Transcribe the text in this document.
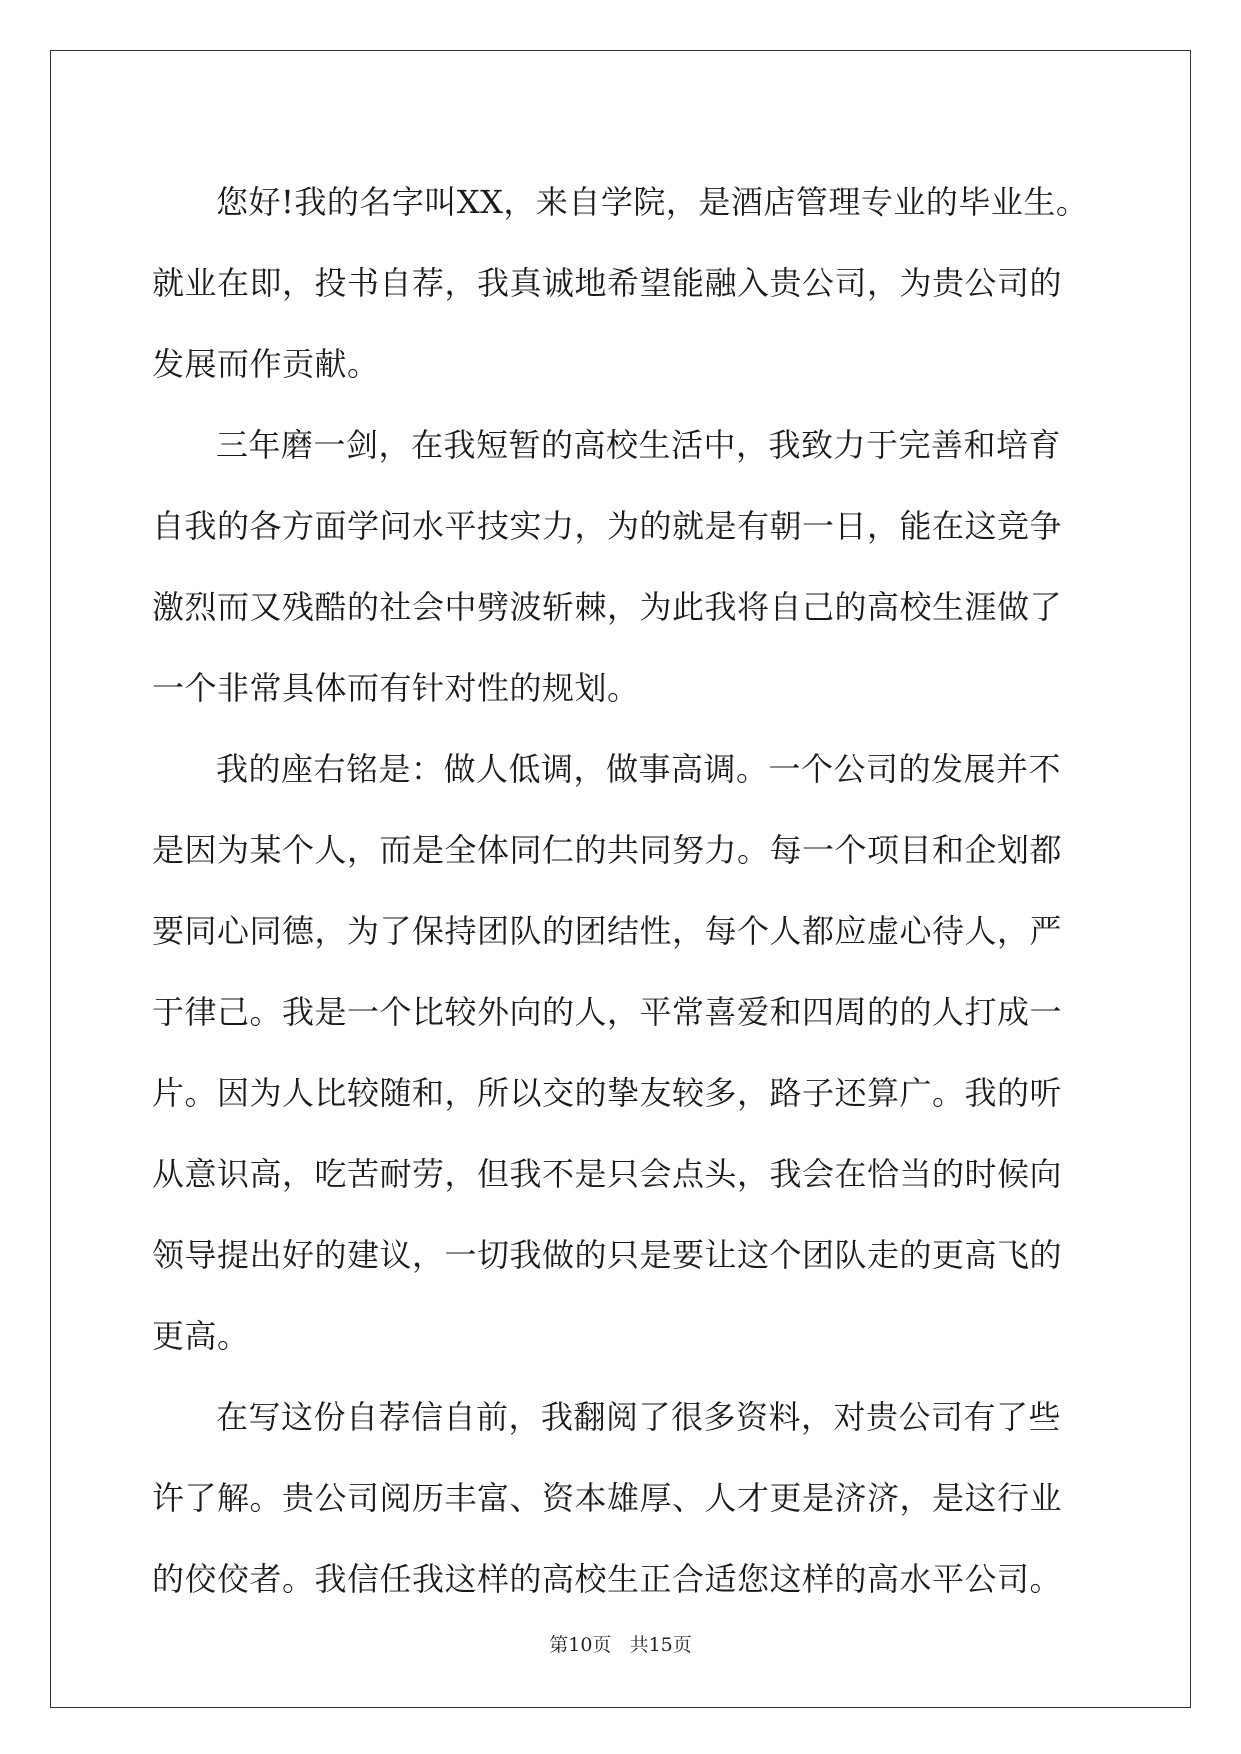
您好!我的名字叫XX，来自学院，是酒店管理专业的毕业生。就业在即，投书自荐，我真诚地希望能融入贵公司，为贵公司的发展而作贡献。

三年磨一剑，在我短暂的高校生活中，我致力于完善和培育自我的各方面学问水平技实力，为的就是有朝一日，能在这竞争激烈而又残酷的社会中劈波斩棘，为此我将自己的高校生涯做了一个非常具体而有针对性的规划。

我的座右铭是：做人低调，做事高调。一个公司的发展并不是因为某个人，而是全体同仁的共同努力。每一个项目和企划都要同心同德，为了保持团队的团结性，每个人都应虚心待人，严于律己。我是一个比较外向的人，平常喜爱和四周的的人打成一片。因为人比较随和，所以交的挚友较多，路子还算广。我的听从意识高，吃苦耐劳，但我不是只会点头，我会在恰当的时候向领导提出好的建议，一切我做的只是要让这个团队走的更高飞的更高。

在写这份自荐信自前，我翻阅了很多资料，对贵公司有了些许了解。贵公司阅历丰富、资本雄厚、人才更是济济，是这行业的佼佼者。我信任我这样的高校生正合适您这样的高水平公司。

第10页 共15页
